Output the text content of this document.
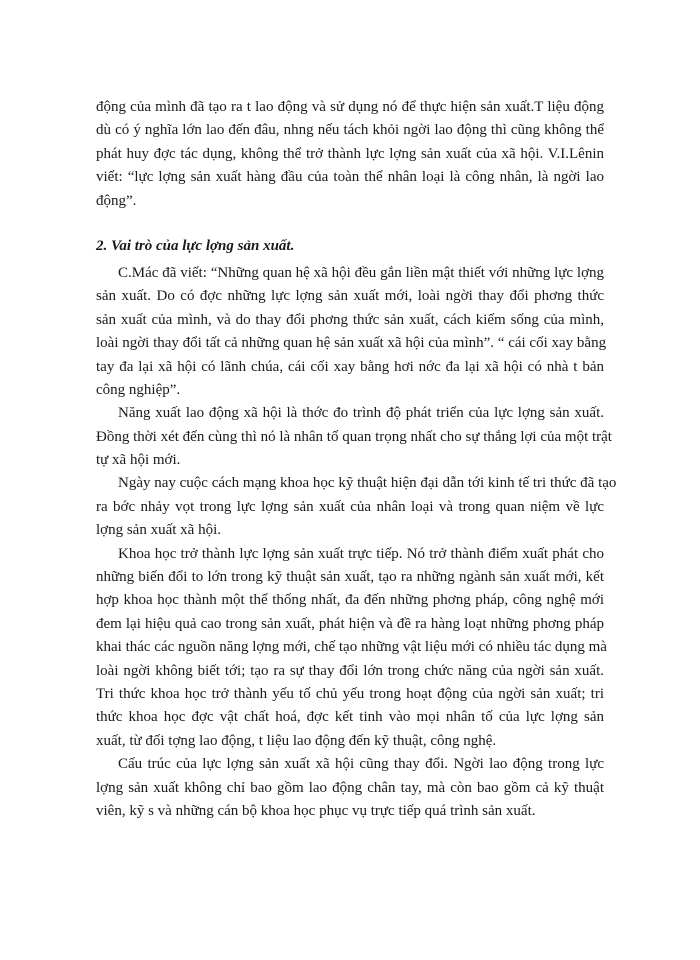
động của mình đã tạo ra t lao động và sử dụng nó để thực hiện sản xuất.T liệu động
dù có ý nghĩa lớn lao đến đâu, nhng nếu tách khỏi ngời lao động thì cũng không thể
phát huy đợc tác dụng, không thể trở thành lực lợng sản xuất của xã hội. V.I.Lênin
viết: “lực lợng sản xuất hàng đầu của toàn thể nhân loại là công nhân, là ngời lao
động”.
2. Vai trò của lực lợng sản xuất.
C.Mác đã viết: “Những quan hệ xã hội đều gắn liền mật thiết với những lực lợng
sản xuất. Do có đợc những lực lợng sản xuất mới, loài ngời thay đổi phơng thức
sản xuất của mình, và do thay đổi phơng thức sản xuất, cách kiếm sống của mình,
loài ngời thay đổi tất cả những quan hệ sản xuất xã hội của mình”. “ cái cối xay bằng
tay đa lại xã hội có lãnh chúa, cái cối xay bằng hơi nớc đa lại xã hội có nhà t bản
công nghiệp”.
Năng xuất lao động xã hội là thớc đo trình độ phát triển của lực lợng sản xuất.
Đồng thời xét đến cùng thì nó là nhân tố quan trọng nhất cho sự thắng lợi của một trật
tự xã hội mới.
Ngày nay cuộc cách mạng khoa học kỹ thuật hiện đại dẫn tới kinh tế tri thức đã tạo
ra bớc nhảy vọt trong lực lợng sản xuất của nhân loại và trong quan niệm về lực
lợng sản xuất xã hội.
Khoa học trở thành lực lợng sản xuất trực tiếp. Nó trở thành điểm xuất phát cho
những biến đổi to lớn trong kỹ thuật sản xuất, tạo ra những ngành sản xuất mới, kết
hợp khoa học thành một thể thống nhất, đa đến những phơng pháp, công nghệ mới
đem lại hiệu quả cao trong sản xuất, phát hiện và đề ra hàng loạt những phơng pháp
khai thác các nguồn năng lợng mới, chế tạo những vật liệu mới có nhiều tác dụng mà
loài ngời không biết tới; tạo ra sự thay đổi lớn trong chức năng của ngời sản xuất.
Tri thức khoa học trở thành yếu tố chủ yếu trong hoạt động của ngời sản xuất; tri
thức khoa học đợc vật chất hoá, đợc kết tinh vào mọi nhân tố của lực lợng sản
xuất, từ đối tợng lao động, t liệu lao động đến kỹ thuật, công nghệ.
Cấu trúc của lực lợng sản xuất xã hội cũng thay đổi. Ngời lao động trong lực
lợng sản xuất không chỉ bao gồm lao động chân tay, mà còn bao gồm cả kỹ thuật
viên, kỹ s và những cán bộ khoa học phục vụ trực tiếp quá trình sản xuất.
